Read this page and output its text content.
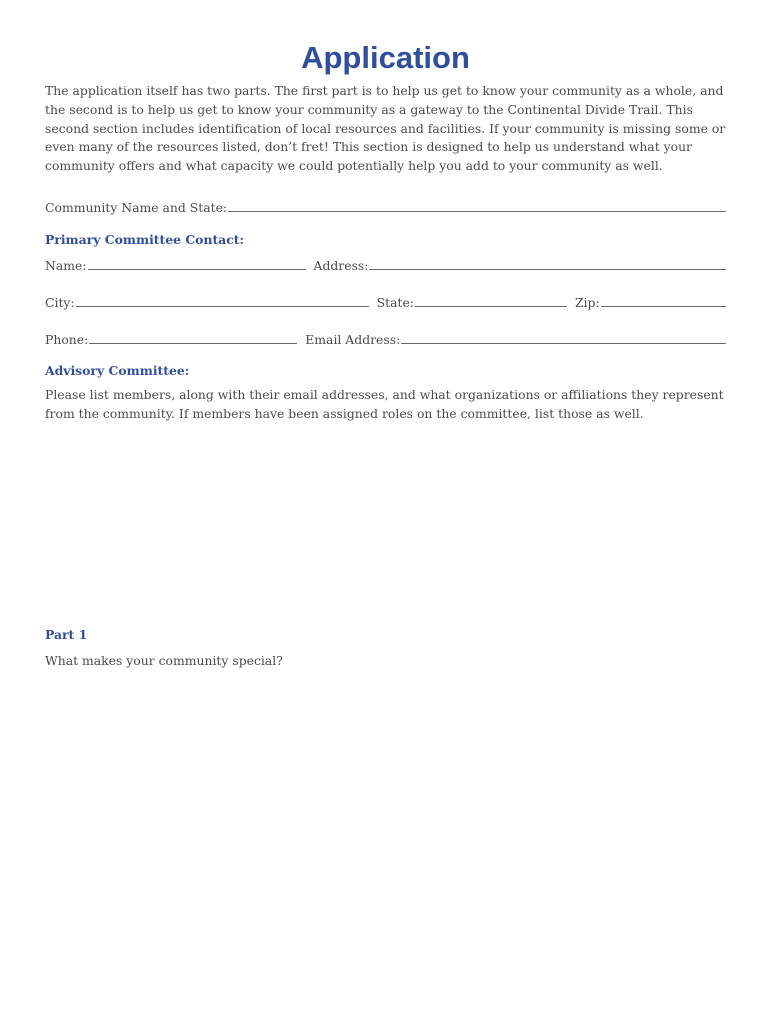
Application

The application itself has two parts. The first part is to help us get to know your community as a whole, and the second is to help us get to know your community as a gateway to the Continental Divide Trail. This second section includes identification of local resources and facilities. If your community is missing some or even many of the resources listed, don’t fret! This section is designed to help us understand what your community offers and what capacity we could potentially help you add to your community as well.

Community Name and State:
Primary Committee Contact:
Name:	Address:
City:	State:	Zip:
Phone:	Email Address:
Advisory Committee:

Please list members, along with their email addresses, and what organizations or affiliations they represent from the community. If members have been assigned roles on the committee, list those as well.

Part 1

What makes your community special?
